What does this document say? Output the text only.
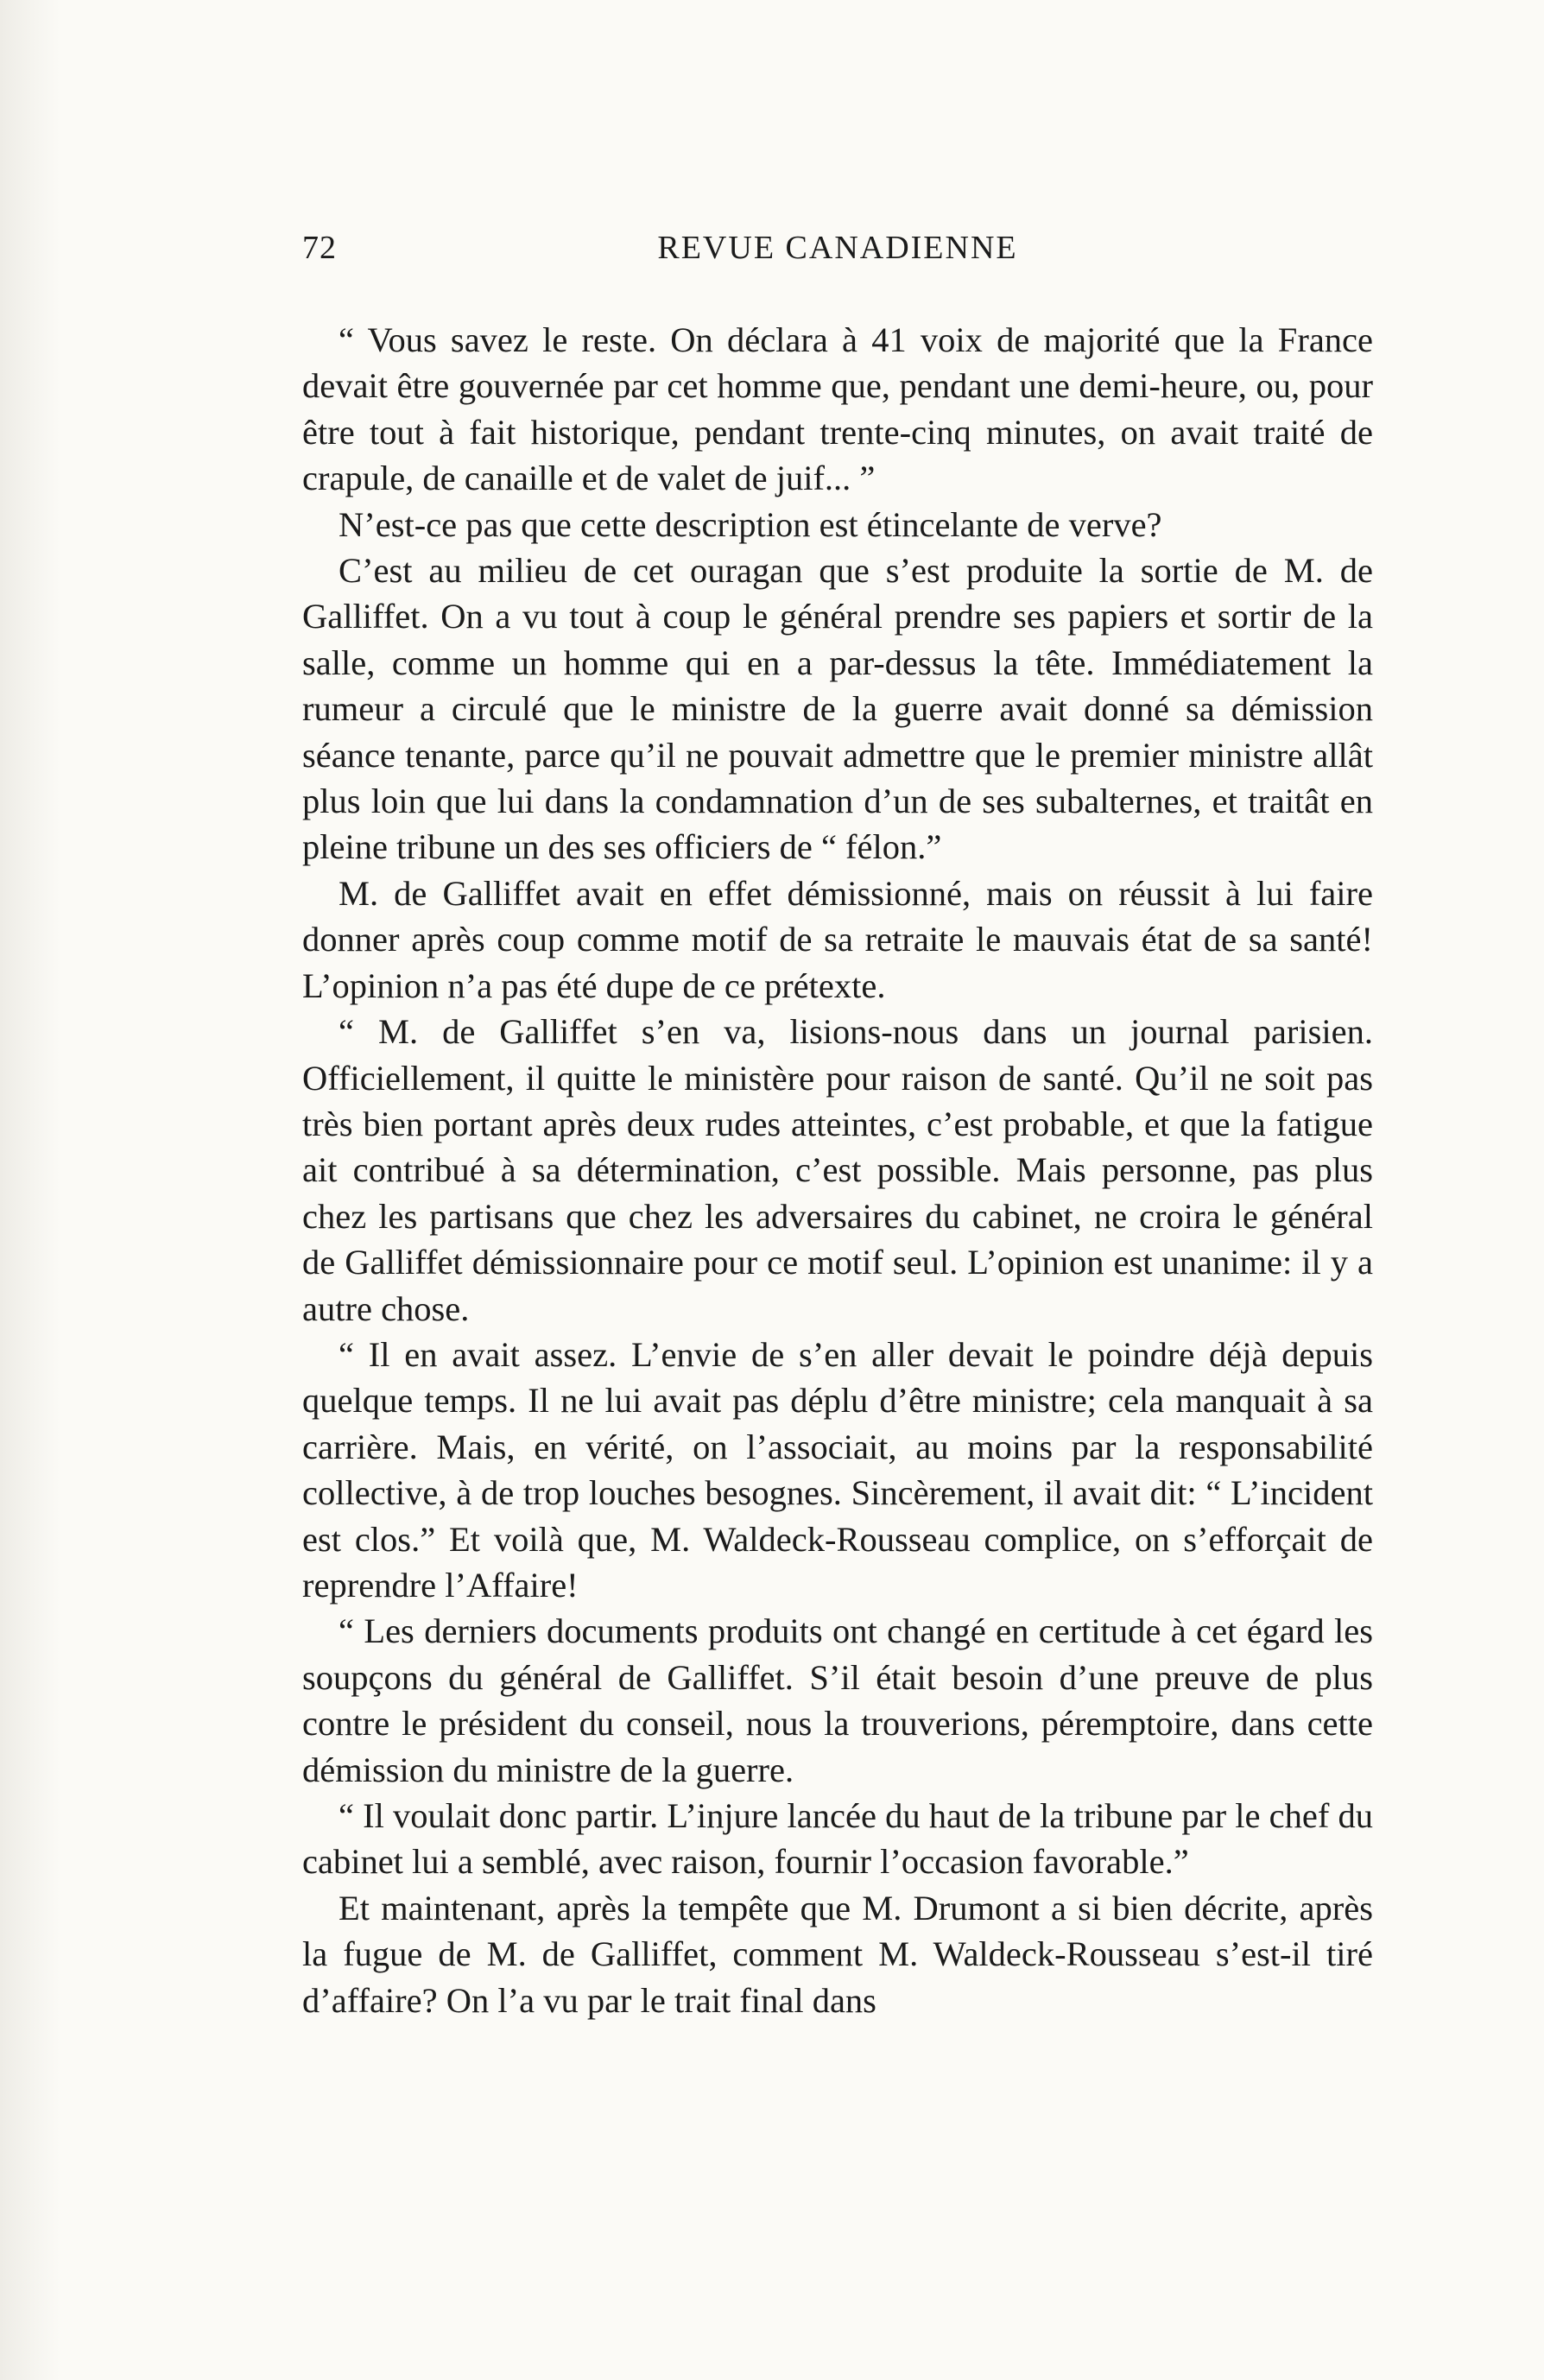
72	REVUE CANADIENNE

“ Vous savez le reste. On déclara à 41 voix de majorité que la France devait être gouvernée par cet homme que, pendant une demi-heure, ou, pour être tout à fait historique, pendant trente-cinq minutes, on avait traité de crapule, de canaille et de valet de juif... ”

N’est-ce pas que cette description est étincelante de verve?

C’est au milieu de cet ouragan que s’est produite la sortie de M. de Galliffet. On a vu tout à coup le général prendre ses papiers et sortir de la salle, comme un homme qui en a par-dessus la tête. Immédiatement la rumeur a circulé que le ministre de la guerre avait donné sa démission séance tenante, parce qu’il ne pouvait admettre que le premier ministre allât plus loin que lui dans la condamnation d’un de ses subalternes, et traitât en pleine tribune un des ses officiers de “ félon.”

M. de Galliffet avait en effet démissionné, mais on réussit à lui faire donner après coup comme motif de sa retraite le mauvais état de sa santé! L’opinion n’a pas été dupe de ce prétexte.

“ M. de Galliffet s’en va, lisions-nous dans un journal parisien. Officiellement, il quitte le ministère pour raison de santé. Qu’il ne soit pas très bien portant après deux rudes atteintes, c’est probable, et que la fatigue ait contribué à sa détermination, c’est possible. Mais personne, pas plus chez les partisans que chez les adversaires du cabinet, ne croira le général de Galliffet démissionnaire pour ce motif seul. L’opinion est unanime: il y a autre chose.

“ Il en avait assez. L’envie de s’en aller devait le poindre déjà depuis quelque temps. Il ne lui avait pas déplu d’être ministre; cela manquait à sa carrière. Mais, en vérité, on l’associait, au moins par la responsabilité collective, à de trop louches besognes. Sincèrement, il avait dit: “ L’incident est clos.” Et voilà que, M. Waldeck-Rousseau complice, on s’efforçait de reprendre l’Affaire!

“ Les derniers documents produits ont changé en certitude à cet égard les soupçons du général de Galliffet. S’il était besoin d’une preuve de plus contre le président du conseil, nous la trouverions, péremptoire, dans cette démission du ministre de la guerre.

“ Il voulait donc partir. L’injure lancée du haut de la tribune par le chef du cabinet lui a semblé, avec raison, fournir l’occasion favorable.”

Et maintenant, après la tempête que M. Drumont a si bien décrite, après la fugue de M. de Galliffet, comment M. Waldeck-Rousseau s’est-il tiré d’affaire? On l’a vu par le trait final dans
